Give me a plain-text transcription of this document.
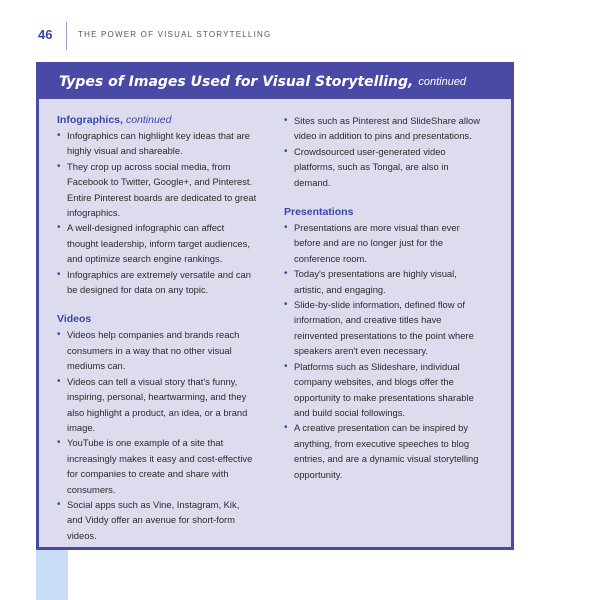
46	THE POWER OF VISUAL STORYTELLING
Types of Images Used for Visual Storytelling, continued
Infographics, continued
• Infographics can highlight key ideas that are highly visual and shareable.
• They crop up across social media, from Facebook to Twitter, Google+, and Pinterest. Entire Pinterest boards are dedicated to great infographics.
• A well-designed infographic can affect thought leadership, inform target audiences, and optimize search engine rankings.
• Infographics are extremely versatile and can be designed for data on any topic.
Videos
• Videos help companies and brands reach consumers in a way that no other visual mediums can.
• Videos can tell a visual story that's funny, inspiring, personal, heartwarming, and they also highlight a product, an idea, or a brand image.
• YouTube is one example of a site that increasingly makes it easy and cost-effective for companies to create and share with consumers.
• Social apps such as Vine, Instagram, Kik, and Viddy offer an avenue for short-form videos.
• Sites such as Pinterest and SlideShare allow video in addition to pins and presentations.
• Crowdsourced user-generated video platforms, such as Tongal, are also in demand.
Presentations
• Presentations are more visual than ever before and are no longer just for the conference room.
• Today's presentations are highly visual, artistic, and engaging.
• Slide-by-slide information, defined flow of information, and creative titles have reinvented presentations to the point where speakers aren't even necessary.
• Platforms such as Slideshare, individual company websites, and blogs offer the opportunity to make presentations sharable and build social followings.
• A creative presentation can be inspired by anything, from executive speeches to blog entries, and are a dynamic visual storytelling opportunity.
